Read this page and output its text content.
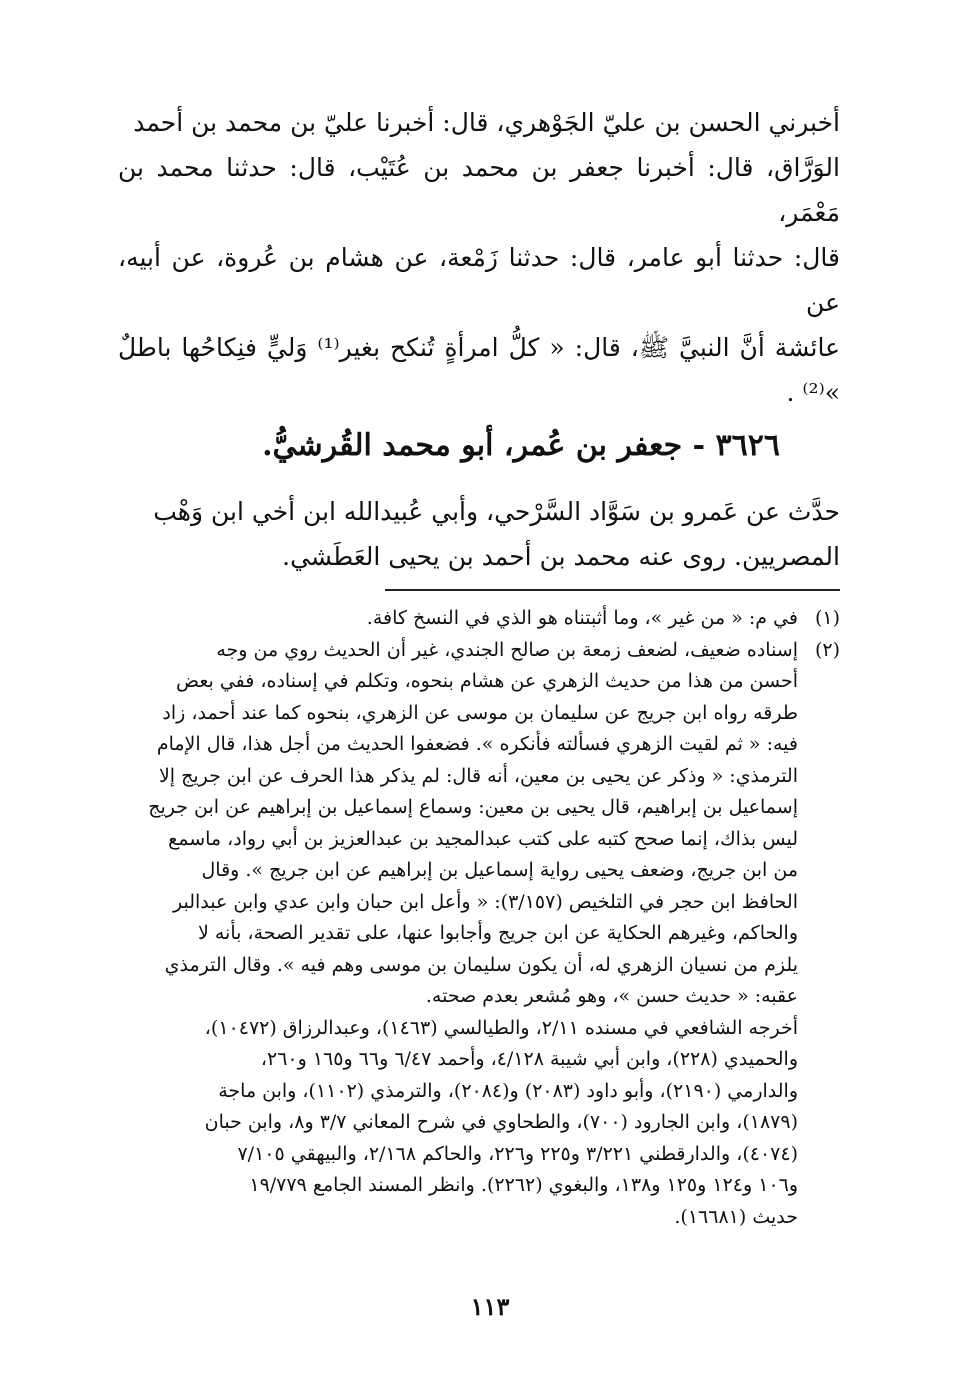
أخبرني الحسن بن عليّ الجَوْهري، قال: أخبرنا عليّ بن محمد بن أحمد

الوَرَّاق، قال: أخبرنا جعفر بن محمد بن عُتَيْب، قال: حدثنا محمد بن مَعْمَر،

قال: حدثنا أبو عامر، قال: حدثنا زَمْعة، عن هشام بن عُروة، عن أبيه، عن

عائشة أنَّ النبيَّ ﷺ، قال: « كلُّ امرأةٍ تُنكح بغير⁽¹⁾ وَليٍّ فنِكاحُها باطلٌ »⁽²⁾ .

٣٦٢٦ - جعفر بن عُمر، أبو محمد القُرشيُّ.

حدَّث عن عَمرو بن سَوَّاد السَّرْحي، وأبي عُبيدالله ابن أخي ابن وَهْب

المصريين. روى عنه محمد بن أحمد بن يحيى العَطَشي.

(١)

في م: « من غير »، وما أثبتناه هو الذي في النسخ كافة.

(٢)

إسناده ضعيف، لضعف زمعة بن صالح الجندي، غير أن الحديث روي من وجه

أحسن من هذا من حديث الزهري عن هشام بنحوه، وتكلم في إسناده، ففي بعض

طرقه رواه ابن جريج عن سليمان بن موسى عن الزهري، بنحوه كما عند أحمد، زاد

فيه: « ثم لقيت الزهري فسألته فأنكره ». فضعفوا الحديث من أجل هذا، قال الإمام

الترمذي: « وذكر عن يحيى بن معين، أنه قال: لم يذكر هذا الحرف عن ابن جريج إلا

إسماعيل بن إبراهيم، قال يحيى بن معين: وسماع إسماعيل بن إبراهيم عن ابن جريج

ليس بذاك، إنما صحح كتبه على كتب عبدالمجيد بن عبدالعزيز بن أبي رواد، ماسمع

من ابن جريج، وضعف يحيى رواية إسماعيل بن إبراهيم عن ابن جريج ». وقال

الحافظ ابن حجر في التلخيص (٣/١٥٧): « وأعل ابن حبان وابن عدي وابن عبدالبر

والحاكم، وغيرهم الحكاية عن ابن جريج وأجابوا عنها، على تقدير الصحة، بأنه لا

يلزم من نسيان الزهري له، أن يكون سليمان بن موسى وهم فيه ». وقال الترمذي

عقبه: « حديث حسن »، وهو مُشعر بعدم صحته.

أخرجه الشافعي في مسنده ٢/١١، والطيالسي (١٤٦٣)، وعبدالرزاق (١٠٤٧٢)،

والحميدي (٢٢٨)، وابن أبي شيبة ٤/١٢٨، وأحمد ٦/٤٧ و٦٦ و١٦٥ و٢٦٠،

والدارمي (٢١٩٠)، وأبو داود (٢٠٨٣) و(٢٠٨٤)، والترمذي (١١٠٢)، وابن ماجة

(١٨٧٩)، وابن الجارود (٧٠٠)، والطحاوي في شرح المعاني ٣/٧ و٨، وابن حبان

(٤٠٧٤)، والدارقطني ٣/٢٢١ و٢٢٥ و٢٢٦، والحاكم ٢/١٦٨، والبيهقي ٧/١٠٥

و١٠٦ و١٢٤ و١٢٥ و١٣٨، والبغوي (٢٢٦٢). وانظر المسند الجامع ١٩/٧٧٩

حديث (١٦٦٨١).

١١٣
